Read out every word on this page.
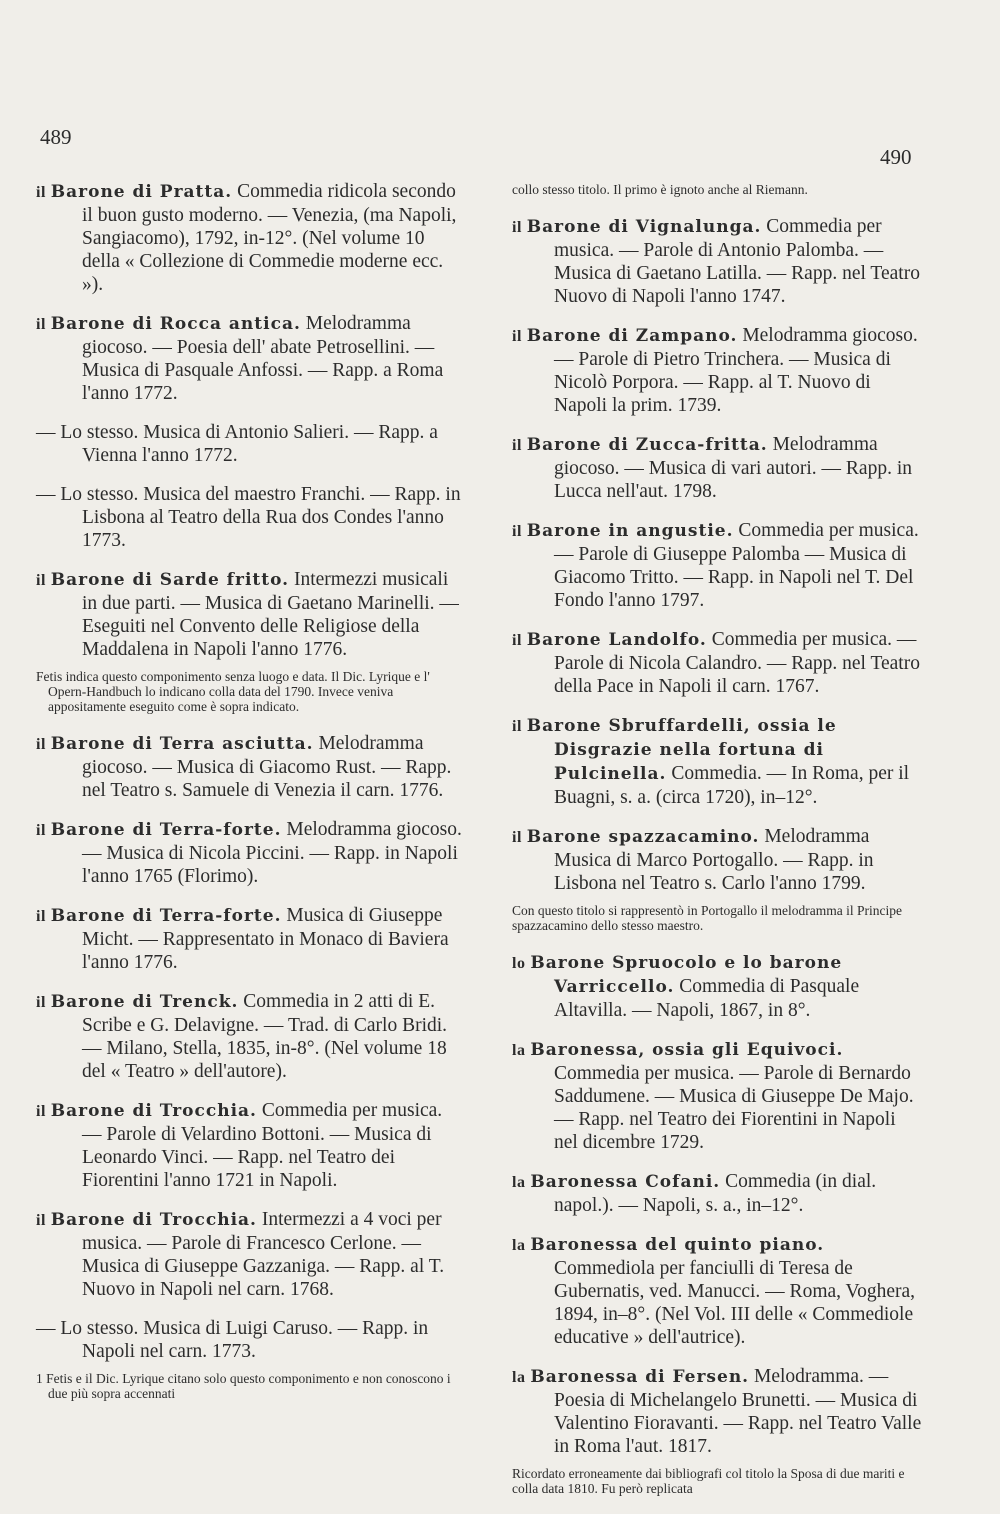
489
490
il Barone di Pratta. Commedia ridicola secondo il buon gusto moderno. — Venezia, (ma Napoli, Sangiacomo), 1792, in-12°. (Nel volume 10 della « Collezione di Commedie moderne ecc. »).
il Barone di Rocca antica. Melodramma giocoso. — Poesia dell' abate Petrosellini. — Musica di Pasquale Anfossi. — Rapp. a Roma l'anno 1772.
— Lo stesso. Musica di Antonio Salieri. — Rapp. a Vienna l'anno 1772.
— Lo stesso. Musica del maestro Franchi. — Rapp. in Lisbona al Teatro della Rua dos Condes l'anno 1773.
il Barone di Sarde fritto. Intermezzi musicali in due parti. — Musica di Gaetano Marinelli. — Eseguiti nel Convento delle Religiose della Maddalena in Napoli l'anno 1776.
Fetis indica questo componimento senza luogo e data. Il Dic. Lyrique e l' Opern-Handbuch lo indicano colla data del 1790. Invece veniva appositamente eseguito come è sopra indicato.
il Barone di Terra asciutta. Melodramma giocoso. — Musica di Giacomo Rust. — Rapp. nel Teatro s. Samuele di Venezia il carn. 1776.
il Barone di Terra-forte. Melodramma giocoso. — Musica di Nicola Piccini. — Rapp. in Napoli l'anno 1765 (Florimo).
il Barone di Terra-forte. Musica di Giuseppe Micht. — Rappresentato in Monaco di Baviera l'anno 1776.
il Barone di Trenck. Commedia in 2 atti di E. Scribe e G. Delavigne. — Trad. di Carlo Bridi. — Milano, Stella, 1835, in-8°. (Nel volume 18 del « Teatro » dell'autore).
il Barone di Trocchia. Commedia per musica. — Parole di Velardino Bottoni. — Musica di Leonardo Vinci. — Rapp. nel Teatro dei Fiorentini l'anno 1721 in Napoli.
il Barone di Trocchia. Intermezzi a 4 voci per musica. — Parole di Francesco Cerlone. — Musica di Giuseppe Gazzaniga. — Rapp. al T. Nuovo in Napoli nel carn. 1768.
— Lo stesso. Musica di Luigi Caruso. — Rapp. in Napoli nel carn. 1773.
1 Fetis e il Dic. Lyrique citano solo questo componimento e non conoscono i due più sopra accennati
collo stesso titolo. Il primo è ignoto anche al Riemann.
il Barone di Vignalunga. Commedia per musica. — Parole di Antonio Palomba. — Musica di Gaetano Latilla. — Rapp. nel Teatro Nuovo di Napoli l'anno 1747.
il Barone di Zampano. Melodramma giocoso. — Parole di Pietro Trinchera. — Musica di Nicolò Porpora. — Rapp. al T. Nuovo di Napoli la prim. 1739.
il Barone di Zucca-fritta. Melodramma giocoso. — Musica di vari autori. — Rapp. in Lucca nell'aut. 1798.
il Barone in angustie. Commedia per musica. — Parole di Giuseppe Palomba — Musica di Giacomo Tritto. — Rapp. in Napoli nel T. Del Fondo l'anno 1797.
il Barone Landolfo. Commedia per musica. — Parole di Nicola Calandro. — Rapp. nel Teatro della Pace in Napoli il carn. 1767.
il Barone Sbruffardelli, ossia le Disgrazie nella fortuna di Pulcinella. Commedia. — In Roma, per il Buagni, s. a. (circa 1720), in–12°.
il Barone spazzacamino. Melodramma Musica di Marco Portogallo. — Rapp. in Lisbona nel Teatro s. Carlo l'anno 1799.
Con questo titolo si rappresentò in Portogallo il melodramma il Principe spazzacamino dello stesso maestro.
lo Barone Spruocolo e lo barone Varriccello. Commedia di Pasquale Altavilla. — Napoli, 1867, in 8°.
la Baronessa, ossia gli Equivoci. Commedia per musica. — Parole di Bernardo Saddumene. — Musica di Giuseppe De Majo. — Rapp. nel Teatro dei Fiorentini in Napoli nel dicembre 1729.
la Baronessa Cofani. Commedia (in dial. napol.). — Napoli, s. a., in–12°.
la Baronessa del quinto piano. Commediola per fanciulli di Teresa de Gubernatis, ved. Manucci. — Roma, Voghera, 1894, in–8°. (Nel Vol. III delle « Commediole educative » dell'autrice).
la Baronessa di Fersen. Melodramma. — Poesia di Michelangelo Brunetti. — Musica di Valentino Fioravanti. — Rapp. nel Teatro Valle in Roma l'aut. 1817.
Ricordato erroneamente dai bibliografi col titolo la Sposa di due mariti e colla data 1810. Fu però replicata
